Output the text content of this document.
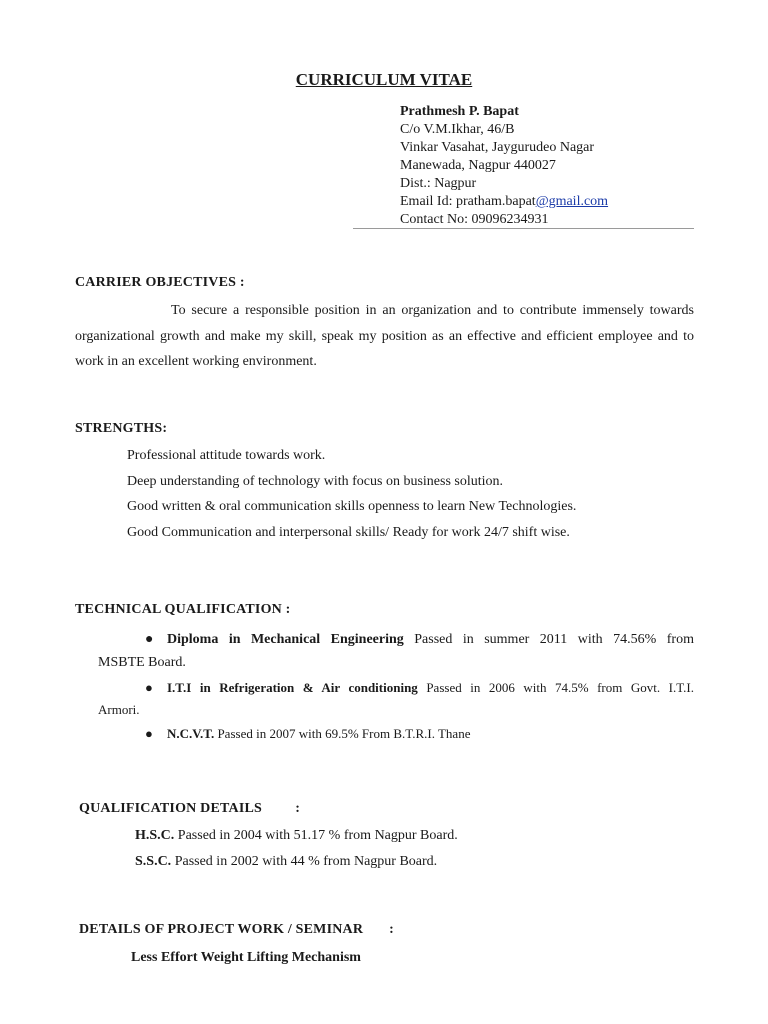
CURRICULUM VITAE
Prathmesh P. Bapat
C/o V.M.Ikhar, 46/B
Vinkar Vasahat, Jaygurudeo Nagar
Manewada, Nagpur 440027
Dist.: Nagpur
Email Id: pratham.bapat@gmail.com
Contact No: 09096234931
CARRIER OBJECTIVES :
To secure a responsible position in an organization and to contribute immensely towards organizational growth and make my skill, speak my position as an effective and efficient employee and to work in an excellent working environment.
STRENGTHS:
Professional attitude towards work.
Deep understanding of technology with focus on business solution.
Good written & oral communication skills openness to learn New Technologies.
Good Communication and interpersonal skills/ Ready for work 24/7 shift wise.
TECHNICAL QUALIFICATION :
● Diploma in Mechanical Engineering Passed in summer 2011 with 74.56% from
MSBTE Board.
● I.T.I in Refrigeration & Air conditioning Passed in 2006 with 74.5% from Govt. I.T.I.
Armori.
● N.C.V.T. Passed in 2007 with 69.5% From B.T.R.I. Thane
QUALIFICATION DETAILS         :
H.S.C. Passed in 2004 with 51.17 % from Nagpur Board.
S.S.C. Passed in 2002 with 44 % from Nagpur Board.
DETAILS OF PROJECT WORK / SEMINAR       :
Less Effort Weight Lifting Mechanism
